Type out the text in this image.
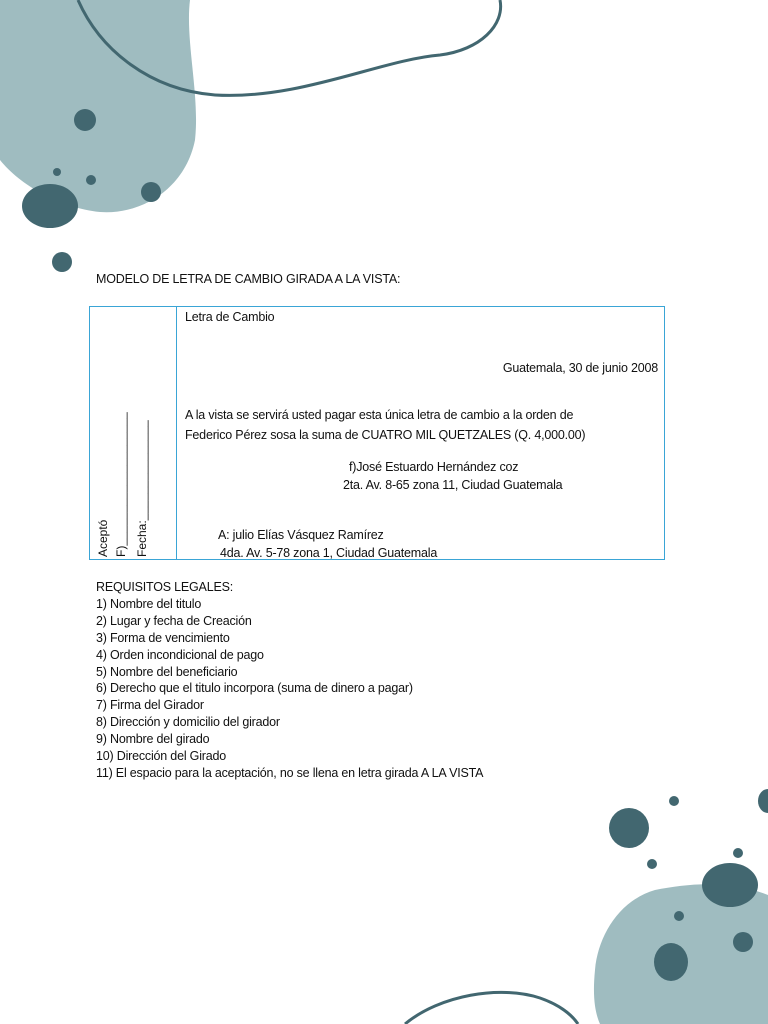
MODELO DE LETRA DE CAMBIO GIRADA A LA VISTA:
Aceptó F)____________________ Fecha:_______________
Letra de Cambio
Guatemala, 30 de junio 2008
A la vista se servirá usted pagar esta única letra de cambio a la orden de
Federico Pérez sosa la suma de CUATRO MIL QUETZALES (Q. 4,000.00)
f)José Estuardo Hernández coz
2ta. Av. 8-65 zona 11, Ciudad Guatemala
A: julio Elías Vásquez Ramírez
4da. Av. 5-78 zona 1, Ciudad Guatemala
REQUISITOS LEGALES:
1) Nombre del titulo
2) Lugar y fecha de Creación
3) Forma de vencimiento
4) Orden incondicional de pago
5) Nombre del beneficiario
6) Derecho que el titulo incorpora (suma de dinero a pagar)
7) Firma del Girador
8) Dirección y domicilio del girador
9) Nombre del girado
10) Dirección del Girado
11) El espacio para la aceptación, no se llena en letra girada A LA VISTA
